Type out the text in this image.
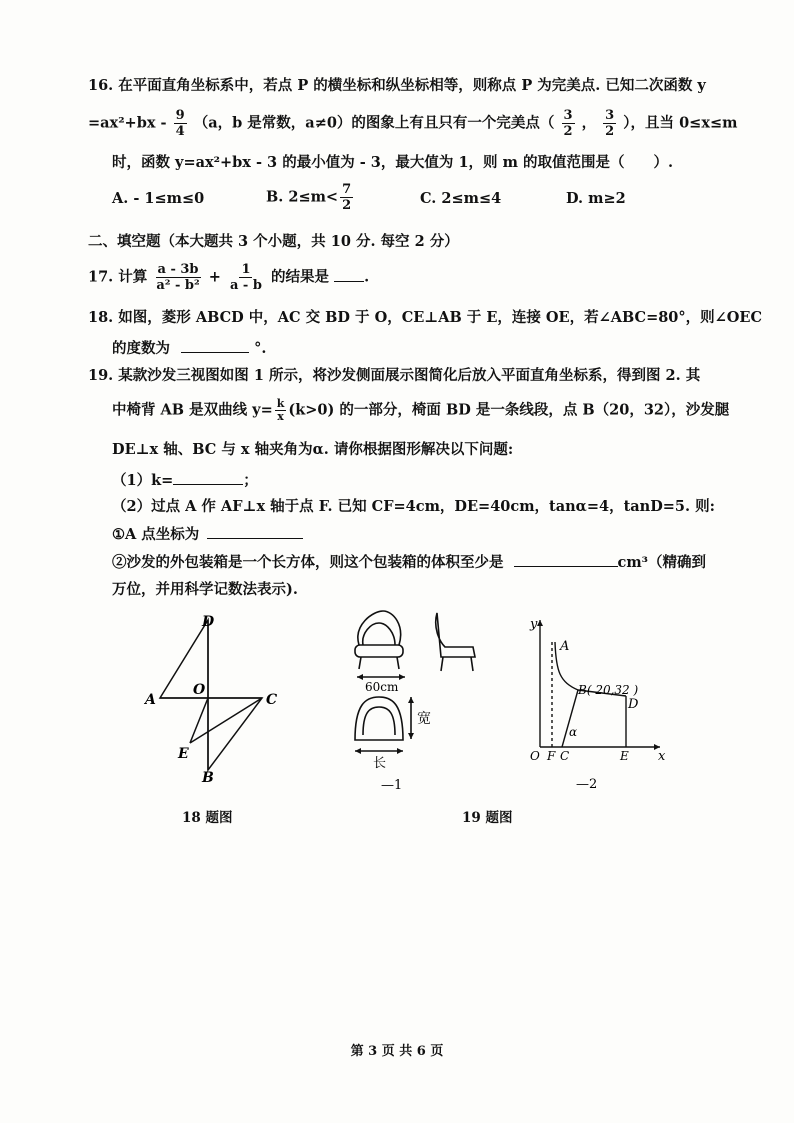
16. 在平面直角坐标系中，若点 P 的横坐标和纵坐标相等，则称点 P 为完美点. 已知二次函数 y
$=ax^2+bx - \frac{9}{4} (a$，b 是常数，a≠0）的图象上有且只有一个完美点（ $\frac{3}{2}$ ， $\frac{3}{2}$ ），且当 0≤x≤m
时，函数 y=ax²+bx - 3 的最小值为 - 3，最大值为 1，则 m 的取值范围是（　　）.
A. - 1≤m≤0	B. $2\le m< \frac{7}{2}$	C. 2≤m≤4	D. m≥2
二、填空题（本大题共 3 个小题，共 10 分. 每空 2 分）
17. 计算 $\frac{a - 3b}{\text{a² - b²}} + \frac{1}{a - b}$ 的结果是 .
18. 如图，菱形 ABCD 中，AC 交 BD 于 O，CE⊥AB 于 E，连接 OE，若∠ABC=80°，则∠OEC
的度数为	°.
19. 某款沙发三视图如图 1 所示，将沙发侧面展示图简化后放入平面直角坐标系，得到图 2. 其
中椅背 AB 是双曲线 $y= \frac{k}{x} (k>0)$ 的一部分，椅面 BD 是一条线段，点 B（20，32），沙发腿
DE⊥x 轴、BC 与 x 轴夹角为α. 请你根据图形解决以下问题:
（1）k=	；
（2）过点 A 作 AF⊥x 轴于点 F. 已知 CF=4cm，DE=40cm，tanα=4，tanD=5. 则:
①A 点坐标为
②沙发的外包装箱是一个长方体，则这个包装箱的体积至少是	cm³（精确到
万位，并用科学记数法表示).
D
A
O
C
E
B
18 题图
60cm
宽
长
—1
y
x
A
B( 20,32 )
D
O F C	E
α
—2
19 题图
第 3 页 共 6 页
